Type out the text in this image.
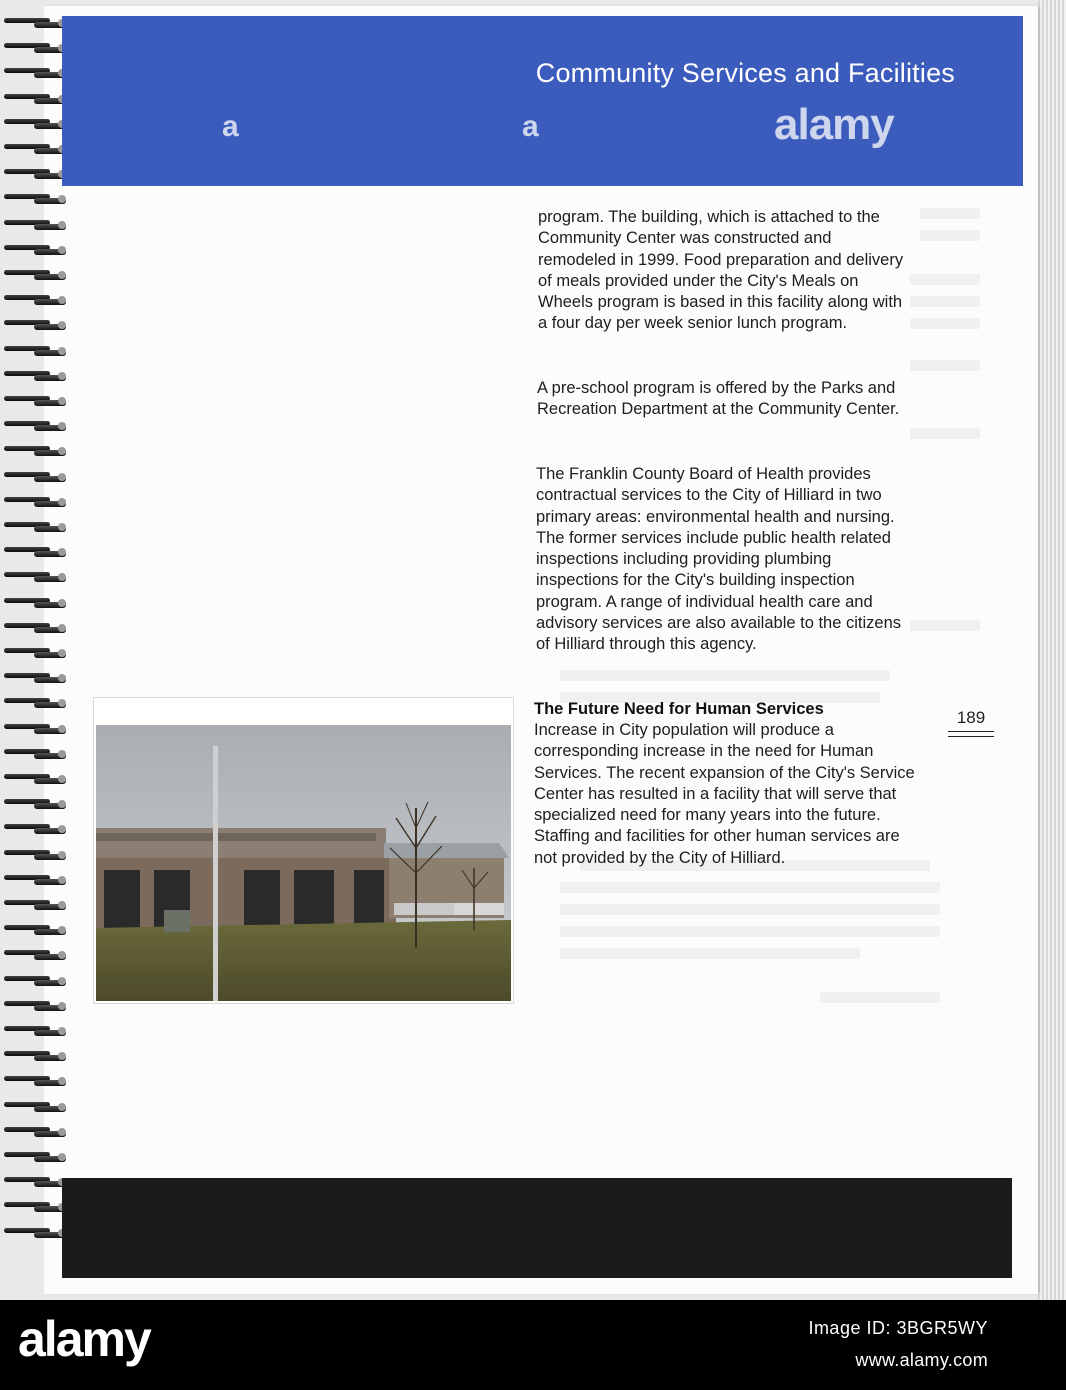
Community Services and Facilities
alamy
a	a

program. The building, which is attached to the Community Center was constructed and remodeled in 1999. Food preparation and delivery of meals provided under the City's Meals on Wheels program is based in this facility along with a four day per week senior lunch program.

A pre-school program is offered by the Parks and Recreation Department at the Community Center.

The Franklin County Board of Health provides contractual services to the City of Hilliard in two primary areas: environmental health and nursing. The former services include public health related inspections including providing plumbing inspections for the City's building inspection program. A range of individual health care and advisory services are also available to the citizens of Hilliard through this agency.

The Future Need for Human Services

Increase in City population will produce a corresponding increase in the need for Human Services. The recent expansion of the City's Service Center has resulted in a facility that will serve that specialized need for many years into the future. Staffing and facilities for other human services are not provided by the City of Hilliard.

189
alamy	Image ID: 3BGR5WY
www.alamy.com
